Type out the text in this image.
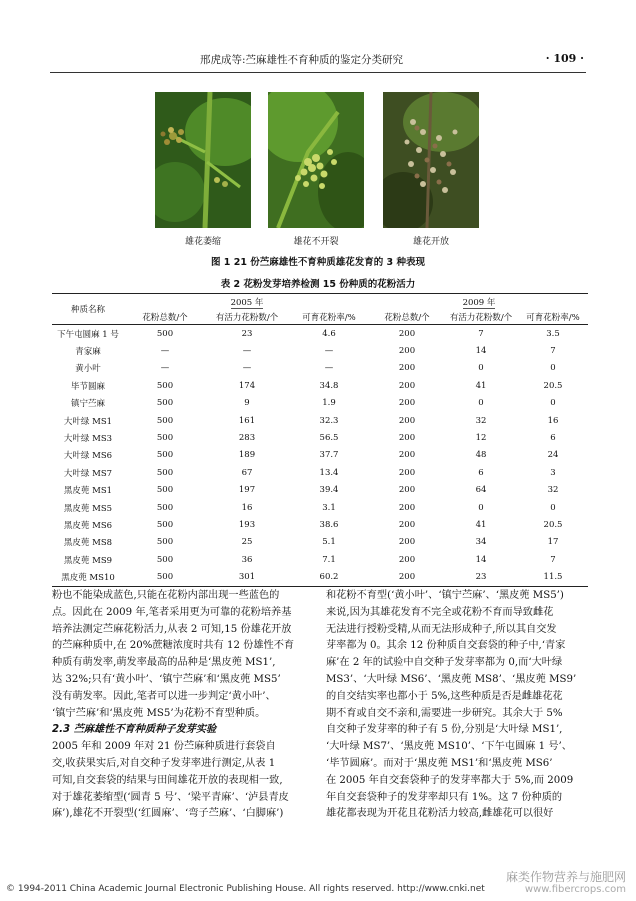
邢虎成等:苎麻雄性不育种质的鉴定分类研究	· 109 ·
雄花萎缩	雄花不开裂	雄花开放
图 1 21 份苎麻雄性不育种质雄花发育的 3 种表现
表 2 花粉发芽培养检测 15 份种质的花粉活力
种质名称	2005 年			2009 年		
	花粉总数/个	有活力花粉数/个	可育花粉率/%	花粉总数/个	有活力花粉数/个	可育花粉率/%
下午屯圆麻 1 号	500	23	4.6	200	7	3.5
青家麻	—	—	—	200	14	7
黄小叶	—	—	—	200	0	0
毕节圆麻	500	174	34.8	200	41	20.5
镇宁苎麻	500	9	1.9	200	0	0
大叶绿 MS1	500	161	32.3	200	32	16
大叶绿 MS3	500	283	56.5	200	12	6
大叶绿 MS6	500	189	37.7	200	48	24
大叶绿 MS7	500	67	13.4	200	6	3
黑皮蔸 MS1	500	197	39.4	200	64	32
黑皮蔸 MS5	500	16	3.1	200	0	0
黑皮蔸 MS6	500	193	38.6	200	41	20.5
黑皮蔸 MS8	500	25	5.1	200	34	17
黑皮蔸 MS9	500	36	7.1	200	14	7
黑皮蔸 MS10	500	301	60.2	200	23	11.5
粉也不能染成蓝色,只能在花粉内部出现一些蓝色的
点。因此在 2009 年,笔者采用更为可靠的花粉培养基
培养法测定苎麻花粉活力,从表 2 可知,15 份雄花开放
的苎麻种质中,在 20%蔗糖浓度时共有 12 份雄性不育
种质有萌发率,萌发率最高的品种是‘黑皮蔸 MS1’,
达 32%;只有‘黄小叶’、‘镇宁苎麻’和‘黑皮蔸 MS5’
没有萌发率。因此,笔者可以进一步判定‘黄小叶’、
‘镇宁苎麻’和‘黑皮蔸 MS5’为花粉不育型种质。
2.3 苎麻雄性不育种质种子发芽实验
2005 年和 2009 年对 21 份苎麻种质进行套袋自
交,收获果实后,对自交种子发芽率进行测定,从表 1
可知,自交套袋的结果与田间雄花开放的表现相一致,
对于雄花萎缩型(‘圆青 5 号’、‘梁平青麻’、‘泸县青皮
麻’),雄花不开裂型(‘红圆麻’、‘弯子苎麻’、‘白脚麻’)
和花粉不育型(‘黄小叶’、‘镇宁苎麻’、‘黑皮蔸 MS5’)
来说,因为其雄花发育不完全或花粉不育而导致雌花
无法进行授粉受精,从而无法形成种子,所以其自交发
芽率都为 0。其余 12 份种质自交套袋的种子中,‘青家
麻’在 2 年的试验中自交种子发芽率都为 0,而‘大叶绿
MS3’、‘大叶绿 MS6’、‘黑皮蔸 MS8’、‘黑皮蔸 MS9’
的自交结实率也都小于 5%,这些种质是否是雌雄花花
期不育或自交不亲和,需要进一步研究。其余大于 5%
自交种子发芽率的种子有 5 份,分别是‘大叶绿 MS1’,
‘大叶绿 MS7’、‘黑皮蔸 MS10’、‘下午屯圆麻 1 号’、
‘毕节圆麻’。而对于‘黑皮蔸 MS1’和‘黑皮蔸 MS6’
在 2005 年自交套袋种子的发芽率都大于 5%,而 2009
年自交套袋种子的发芽率却只有 1%。这 7 份种质的
雄花都表现为开花且花粉活力较高,雌雄花可以很好
© 1994-2011 China Academic Journal Electronic Publishing House. All rights reserved. http://www.cnki.net
麻类作物营养与施肥网
www.fibercrops.com
